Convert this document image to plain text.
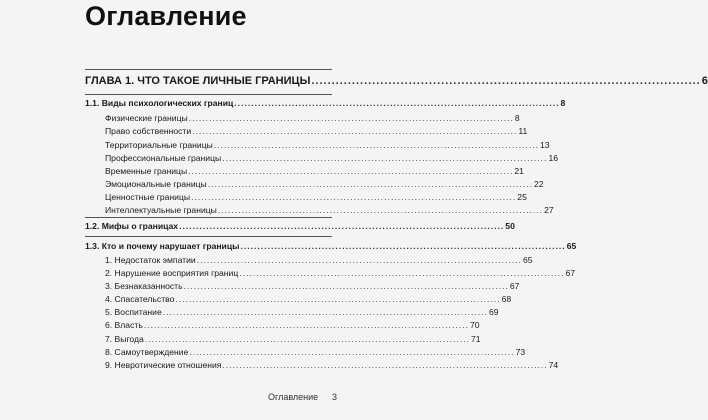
Оглавление
ГЛАВА 1. ЧТО ТАКОЕ ЛИЧНЫЕ ГРАНИЦЫ ................................................................................................ 6
1.1. Виды психологических границ ................................................................................................ 8
Физические границы ................................................................................................ 8
Право собственности ................................................................................................ 11
Территориальные границы ................................................................................................ 13
Профессиональные границы ................................................................................................ 16
Временные границы ................................................................................................ 21
Эмоциональные границы ................................................................................................ 22
Ценностные границы ................................................................................................ 25
Интеллектуальные границы ................................................................................................ 27
1.2. Мифы о границах ................................................................................................ 50
1.3. Кто и почему нарушает границы ................................................................................................ 65
1. Недостаток эмпатии ................................................................................................ 65
2. Нарушение восприятия границ ................................................................................................ 67
3. Безнаказанность ................................................................................................ 67
4. Спасательство ................................................................................................ 68
5. Воспитание ................................................................................................ 69
6. Власть ................................................................................................ 70
7. Выгода ................................................................................................ 71
8. Самоутверждение ................................................................................................ 73
9. Невротические отношения ................................................................................................ 74
Оглавление 3
